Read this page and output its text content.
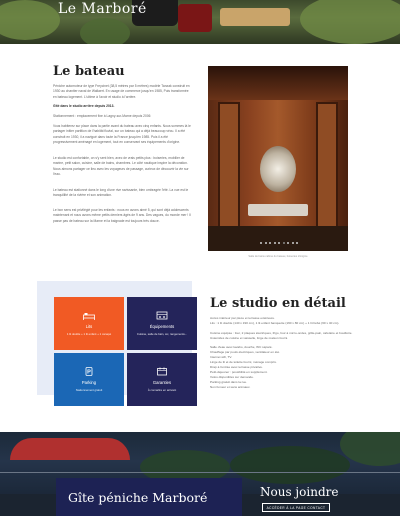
Le Marboré
Le bateau

Péniche automoteur de type Freycinet (38,5 mètres par 5 mètres) modèle Tanzak construit en 1930 au chantier naval de Wallaert. En usage de commerce jusqu'en 1985, Puis transformée en bateau logement. L'ultime à l'avoir et studio à l'arrière.

Gîté dans le studio arrière depuis 2013.

Stationnement : emplacement fixe à Lagny-sur-Marne depuis 2006

Vous habiterez sur place dans la partie avant du bateau avec cinq enfants. Nous sommes là le partager initier partition de l'habitât fluvial, sur un bateau qui a déjà beaucoup vécu. Il a été construit en 1930, il a navigué dans toute la France jusqu'en 1985. Puis il a été progressivement aménagé en logement, tout en conservant ses équipements d'origine.

Le studio est confortable, on s'y sent bien, avec de vrais petits plus : boiseries, mobilier de marine, petit salon, cuisine, salle de bains, chambres. Le côté nautique inspire la décoration. Nous aimons partager ce lieu avec les voyageurs de passage, curieux de découvrir la vie sur l'eau.

Le bateau est stationné dans le long d'une rive ravissante, bien ombragée l'été. La vue est le tranquillité de la rivière et son animation.

Le bon sens est privilégié pour les enfants : nous en avons aimé 5, qui sont déjà adolescents maintenant et nous avons même petits derniers âgés de 9 ans. Des vagues, du monde mer ! Il passe pas de bateau sur la Marne et la baignade est toujours très douce.

Salle de bains cabine du bateau, boiseries d'origine
Lits
1 lit double + 1 lit enfant + 1 canapé
Équipements
Cuisine, salle de bain, wc, rangements...
P
Parking
Stationnement gratuit
Garanties
À connaître en arrivant
Le studio en détail

Accès intérieur par pièce et terrasse extérieure.

Lits : 1 lit double (140 x 190 cm), 1 lit enfant banquette (160 x 80 cm) + 1 lit bébé (60 x 40 cm).

Cuisine équipée : four, 2 plaques électriques, frigo, four à micro-ondes, grille-pain, cafetière et bouilloire. Ustensiles de cuisine et vaisselle, linge de maison fourni.

Salle d'eau avec lavabo, douche, WC séparé.

Chauffage par pouls électriques, ventilateur en été.

Internet wifi, TV.

Linge de lit et de toilette fourni, ménage compris.

Drap à l'entrée avec terrasse privative.

Petit-déjeuner : possibilité en supplément.

Vélos disponibles sur demande.

Parking gratuit dans la rue.

Non fumeur et sans animaux.

Gîte péniche Marboré	Nous joindre
ACCÉDER À LA PAGE CONTACT
